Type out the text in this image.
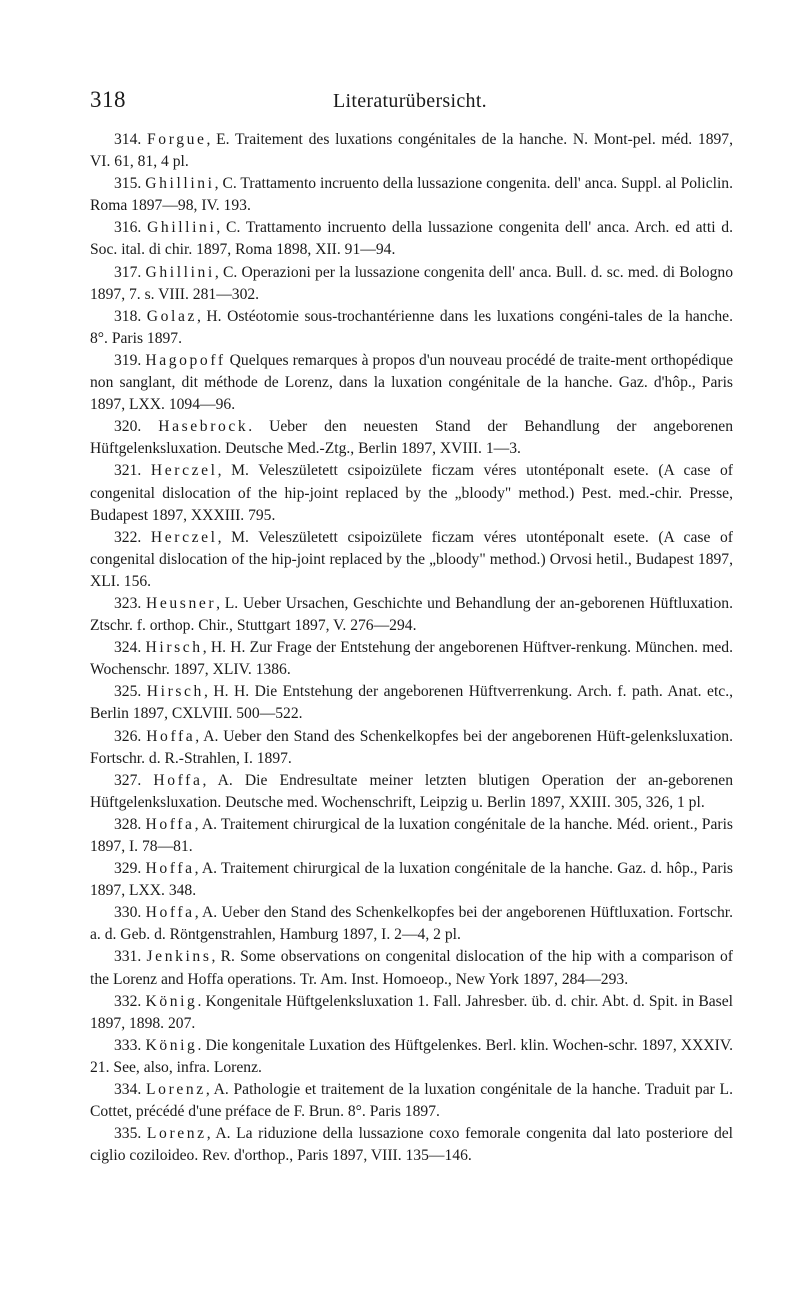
318	Literaturübersicht.

314. Forgue, E. Traitement des luxations congénitales de la hanche. N. Mont-pel. méd. 1897, VI. 61, 81, 4 pl.

315. Ghillini, C. Trattamento incruento della lussazione congenita. dell' anca. Suppl. al Policlin. Roma 1897—98, IV. 193.

316. Ghillini, C. Trattamento incruento della lussazione congenita dell' anca. Arch. ed atti d. Soc. ital. di chir. 1897, Roma 1898, XII. 91—94.

317. Ghillini, C. Operazioni per la lussazione congenita dell' anca. Bull. d. sc. med. di Bologno 1897, 7. s. VIII. 281—302.

318. Golaz, H. Ostéotomie sous-trochantérienne dans les luxations congéni-tales de la hanche. 8°. Paris 1897.

319. Hagopoff Quelques remarques à propos d'un nouveau procédé de traite-ment orthopédique non sanglant, dit méthode de Lorenz, dans la luxation congénitale de la hanche. Gaz. d'hôp., Paris 1897, LXX. 1094—96.

320. Hasebrock. Ueber den neuesten Stand der Behandlung der angeborenen Hüftgelenksluxation. Deutsche Med.-Ztg., Berlin 1897, XVIII. 1—3.

321. Herczel, M. Veleszületett csipoizülete ficzam véres utontéponalt esete. (A case of congenital dislocation of the hip-joint replaced by the „bloody" method.) Pest. med.-chir. Presse, Budapest 1897, XXXIII. 795.

322. Herczel, M. Veleszületett csipoizülete ficzam véres utontéponalt esete. (A case of congenital dislocation of the hip-joint replaced by the „bloody" method.) Orvosi hetil., Budapest 1897, XLI. 156.

323. Heusner, L. Ueber Ursachen, Geschichte und Behandlung der an-geborenen Hüftluxation. Ztschr. f. orthop. Chir., Stuttgart 1897, V. 276—294.

324. Hirsch, H. H. Zur Frage der Entstehung der angeborenen Hüftver-renkung. München. med. Wochenschr. 1897, XLIV. 1386.

325. Hirsch, H. H. Die Entstehung der angeborenen Hüftverrenkung. Arch. f. path. Anat. etc., Berlin 1897, CXLVIII. 500—522.

326. Hoffa, A. Ueber den Stand des Schenkelkopfes bei der angeborenen Hüft-gelenksluxation. Fortschr. d. R.-Strahlen, I. 1897.

327. Hoffa, A. Die Endresultate meiner letzten blutigen Operation der an-geborenen Hüftgelenksluxation. Deutsche med. Wochenschrift, Leipzig u. Berlin 1897, XXIII. 305, 326, 1 pl.

328. Hoffa, A. Traitement chirurgical de la luxation congénitale de la hanche. Méd. orient., Paris 1897, I. 78—81.

329. Hoffa, A. Traitement chirurgical de la luxation congénitale de la hanche. Gaz. d. hôp., Paris 1897, LXX. 348.

330. Hoffa, A. Ueber den Stand des Schenkelkopfes bei der angeborenen Hüftluxation. Fortschr. a. d. Geb. d. Röntgenstrahlen, Hamburg 1897, I. 2—4, 2 pl.

331. Jenkins, R. Some observations on congenital dislocation of the hip with a comparison of the Lorenz and Hoffa operations. Tr. Am. Inst. Homoeop., New York 1897, 284—293.

332. König. Kongenitale Hüftgelenksluxation 1. Fall. Jahresber. üb. d. chir. Abt. d. Spit. in Basel 1897, 1898. 207.

333. König. Die kongenitale Luxation des Hüftgelenkes. Berl. klin. Wochen-schr. 1897, XXXIV. 21. See, also, infra. Lorenz.

334. Lorenz, A. Pathologie et traitement de la luxation congénitale de la hanche. Traduit par L. Cottet, précédé d'une préface de F. Brun. 8°. Paris 1897.

335. Lorenz, A. La riduzione della lussazione coxo femorale congenita dal lato posteriore del ciglio coziloideo. Rev. d'orthop., Paris 1897, VIII. 135—146.
